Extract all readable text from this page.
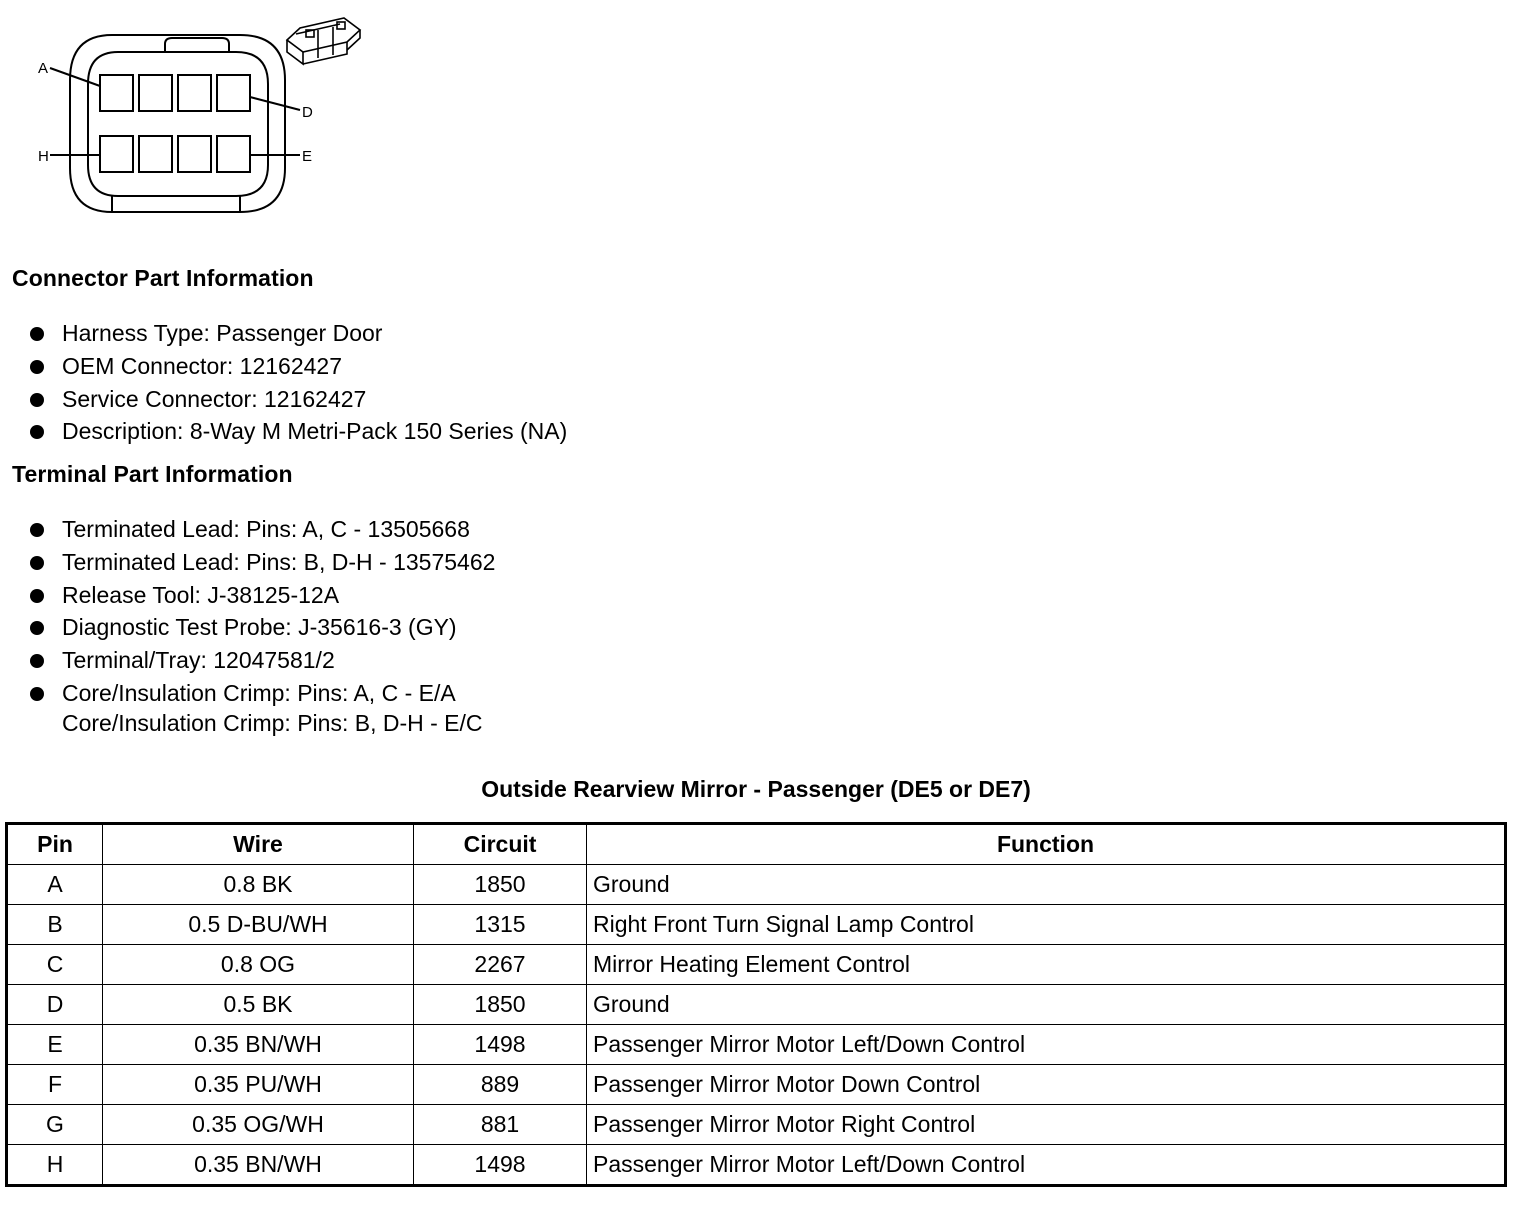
A
D
H	E
Connector Part Information
Harness Type: Passenger Door
OEM Connector: 12162427
Service Connector: 12162427
Description: 8-Way M Metri-Pack 150 Series (NA)
Terminal Part Information
Terminated Lead: Pins: A, C - 13505668
Terminated Lead: Pins: B, D-H - 13575462
Release Tool: J-38125-12A
Diagnostic Test Probe: J-35616-3 (GY)
Terminal/Tray: 12047581/2
Core/Insulation Crimp: Pins: A, C - E/A
Core/Insulation Crimp: Pins: B, D-H - E/C
Outside Rearview Mirror - Passenger (DE5 or DE7)
Pin	Wire	Circuit	Function
A	0.8 BK	1850	Ground
B	0.5 D-BU/WH	1315	Right Front Turn Signal Lamp Control
C	0.8 OG	2267	Mirror Heating Element Control
D	0.5 BK	1850	Ground
E	0.35 BN/WH	1498	Passenger Mirror Motor Left/Down Control
F	0.35 PU/WH	889	Passenger Mirror Motor Down Control
G	0.35 OG/WH	881	Passenger Mirror Motor Right Control
H	0.35 BN/WH	1498	Passenger Mirror Motor Left/Down Control
